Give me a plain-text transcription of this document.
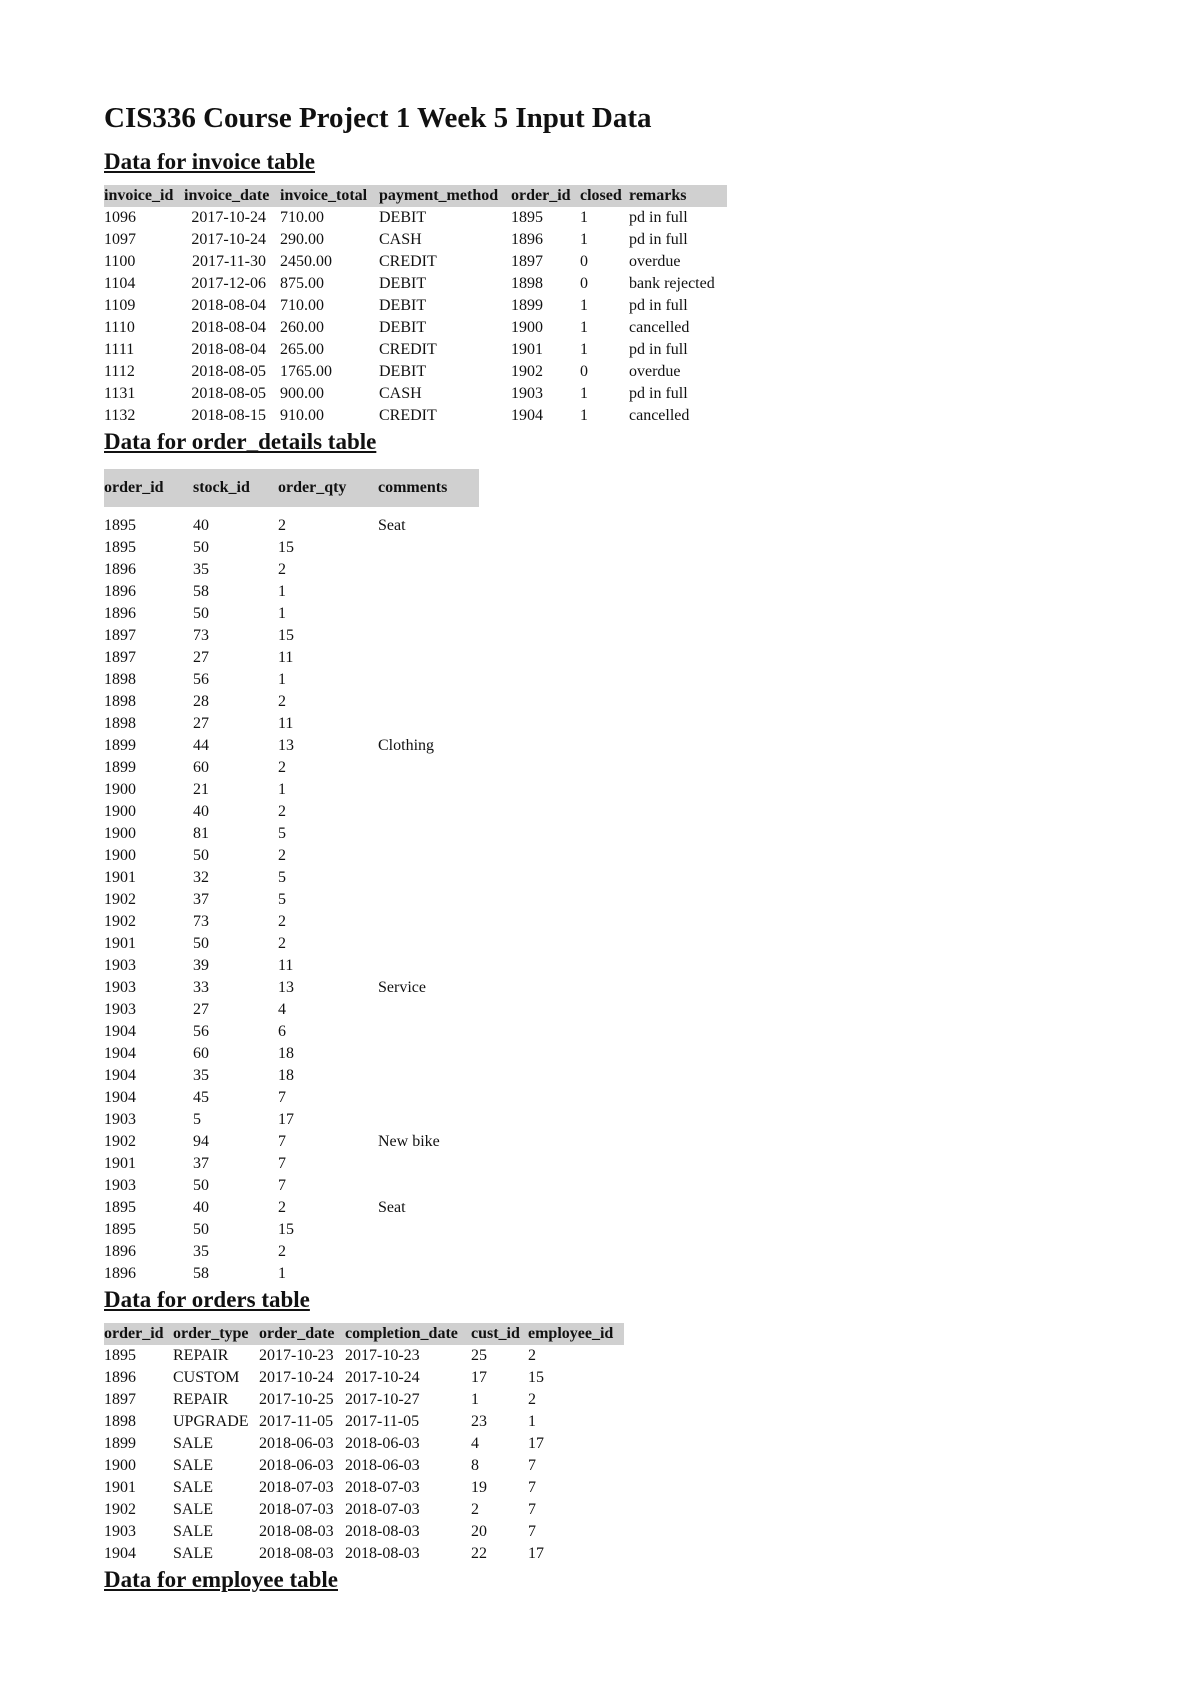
CIS336 Course Project 1 Week 5 Input Data
Data for invoice table
invoice_id	invoice_date	invoice_total	payment_method	order_id	closed	remarks
1096	2017-10-24	710.00	DEBIT	1895	1	pd in full
1097	2017-10-24	290.00	CASH	1896	1	pd in full
1100	2017-11-30	2450.00	CREDIT	1897	0	overdue
1104	2017-12-06	875.00	DEBIT	1898	0	bank rejected
1109	2018-08-04	710.00	DEBIT	1899	1	pd in full
1110	2018-08-04	260.00	DEBIT	1900	1	cancelled
1111	2018-08-04	265.00	CREDIT	1901	1	pd in full
1112	2018-08-05	1765.00	DEBIT	1902	0	overdue
1131	2018-08-05	900.00	CASH	1903	1	pd in full
1132	2018-08-15	910.00	CREDIT	1904	1	cancelled
Data for order_details table
order_id	stock_id	order_qty	comments

1895	40	2	Seat
1895	50	15	
1896	35	2	
1896	58	1	
1896	50	1	
1897	73	15	
1897	27	11	
1898	56	1	
1898	28	2	
1898	27	11	
1899	44	13	Clothing
1899	60	2	
1900	21	1	
1900	40	2	
1900	81	5	
1900	50	2	
1901	32	5	
1902	37	5	
1902	73	2	
1901	50	2	
1903	39	11	
1903	33	13	Service
1903	27	4	
1904	56	6	
1904	60	18	
1904	35	18	
1904	45	7	
1903	5	17	
1902	94	7	New bike
1901	37	7	
1903	50	7	
1895	40	2	Seat
1895	50	15	
1896	35	2	
1896	58	1	
Data for orders table
order_id	order_type	order_date	completion_date	cust_id	employee_id
1895	REPAIR	2017-10-23	2017-10-23	25	2
1896	CUSTOM	2017-10-24	2017-10-24	17	15
1897	REPAIR	2017-10-25	2017-10-27	1	2
1898	UPGRADE	2017-11-05	2017-11-05	23	1
1899	SALE	2018-06-03	2018-06-03	4	17
1900	SALE	2018-06-03	2018-06-03	8	7
1901	SALE	2018-07-03	2018-07-03	19	7
1902	SALE	2018-07-03	2018-07-03	2	7
1903	SALE	2018-08-03	2018-08-03	20	7
1904	SALE	2018-08-03	2018-08-03	22	17
Data for employee table
